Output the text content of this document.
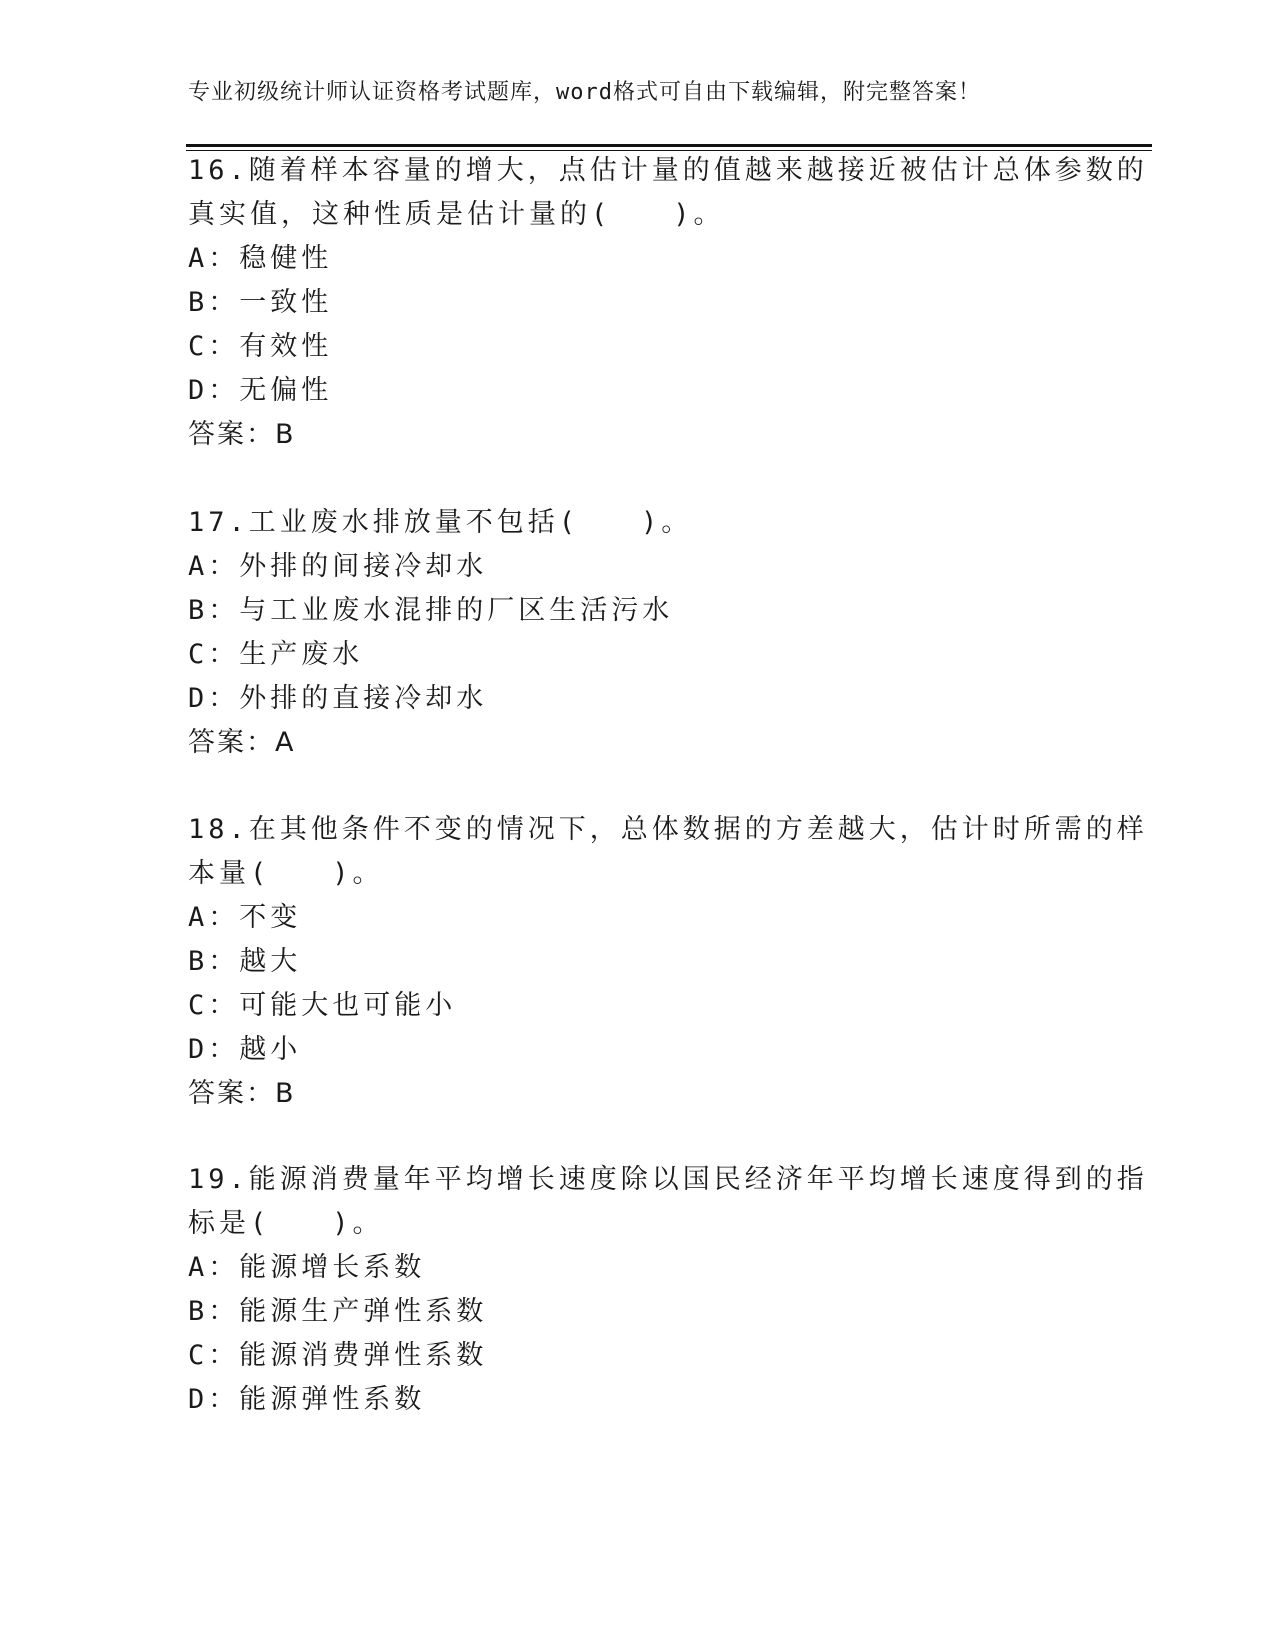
专业初级统计师认证资格考试题库，word格式可自由下载编辑，附完整答案！
16.随着样本容量的增大，点估计量的值越来越接近被估计总体参数的
真实值，这种性质是估计量的(　　)。
A：稳健性
B：一致性
C：有效性
D：无偏性
答案：B
17.工业废水排放量不包括(　　)。
A：外排的间接冷却水
B：与工业废水混排的厂区生活污水
C：生产废水
D：外排的直接冷却水
答案：A
18.在其他条件不变的情况下，总体数据的方差越大，估计时所需的样
本量(　　)。
A：不变
B：越大
C：可能大也可能小
D：越小
答案：B
19.能源消费量年平均增长速度除以国民经济年平均增长速度得到的指
标是(　　)。
A：能源增长系数
B：能源生产弹性系数
C：能源消费弹性系数
D：能源弹性系数
